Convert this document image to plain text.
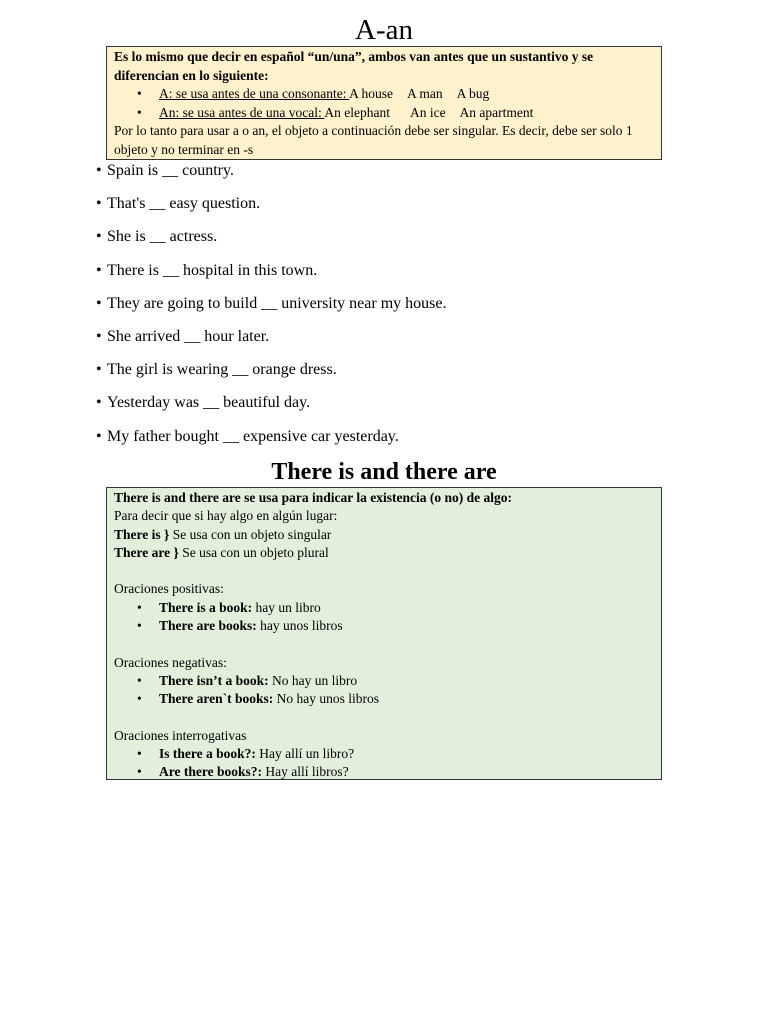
A-an
Es lo mismo que decir en español “un/una”, ambos van antes que un sustantivo y se diferencian en lo siguiente:
•	A: se usa antes de una consonante: A house A man A bug
•	An: se usa antes de una vocal: An elephant An ice An apartment
Por lo tanto para usar a o an, el objeto a continuación debe ser singular. Es decir, debe ser solo 1 objeto y no terminar en -s
• Spain is __ country.
• That's __ easy question.
• She is __ actress.
• There is __ hospital in this town.
• They are going to build __ university near my house.
• She arrived __ hour later.
• The girl is wearing __ orange dress.
• Yesterday was __ beautiful day.
• My father bought __ expensive car yesterday.
There is and there are
There is and there are se usa para indicar la existencia (o no) de algo:
Para decir que si hay algo en algún lugar:
There is } Se usa con un objeto singular
There are } Se usa con un objeto plural
Oraciones positivas:
•	There is a book: hay un libro
•	There are books: hay unos libros
Oraciones negativas:
•	There isn’t a book: No hay un libro
•	There aren`t books: No hay unos libros
Oraciones interrogativas
•	Is there a book?: Hay allí un libro?
•	Are there books?: Hay allí libros?
